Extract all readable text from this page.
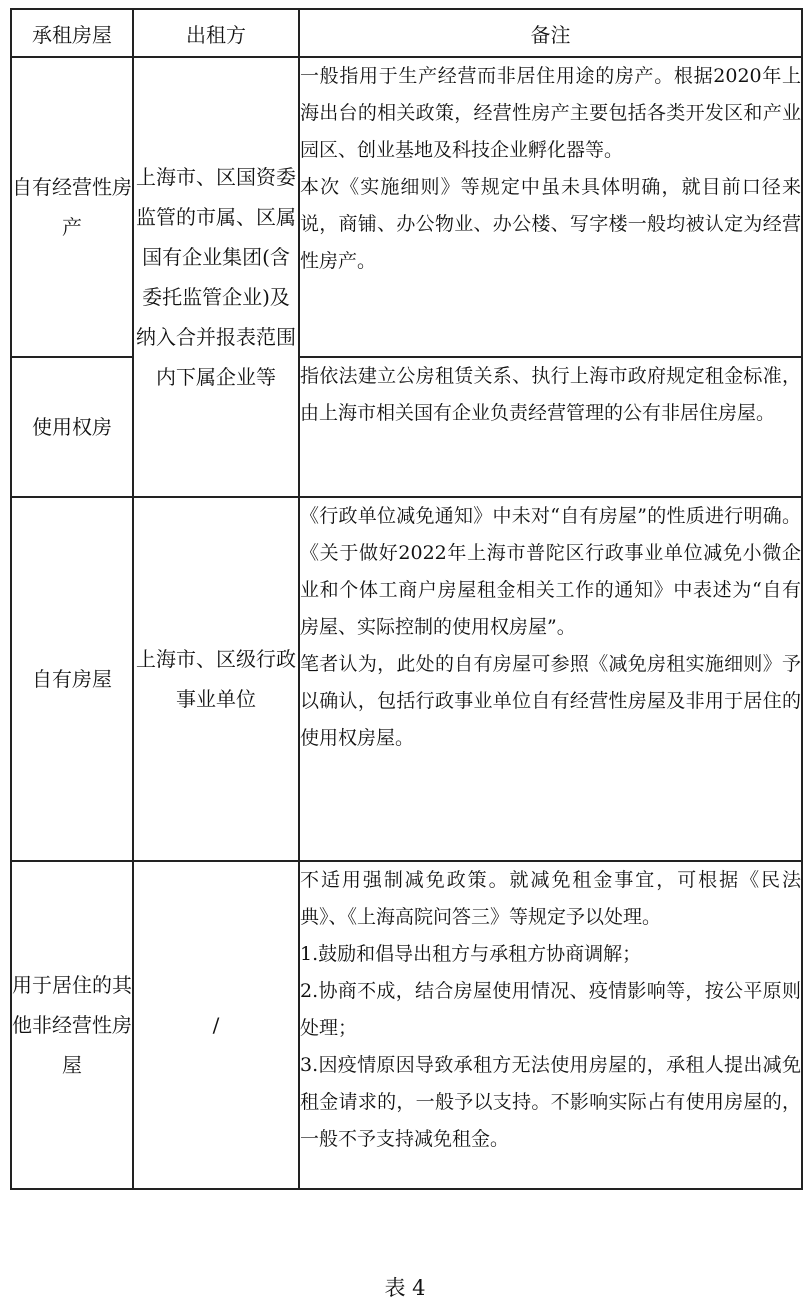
承租房屋	出租方	备注
自有经营性房产	上海市、区国资委监管的市属、区属国有企业集团(含委托监管企业)及纳入合并报表范围内下属企业等	一般指用于生产经营而非居住用途的房产。根据2020年上海出台的相关政策，经营性房产主要包括各类开发区和产业园区、创业基地及科技企业孵化器等。

本次《实施细则》等规定中虽未具体明确，就目前口径来说，商铺、办公物业、办公楼、写字楼一般均被认定为经营性房产。

使用权房		指依法建立公房租赁关系、执行上海市政府规定租金标准，由上海市相关国有企业负责经营管理的公有非居住房屋。

自有房屋	上海市、区级行政事业单位	《行政单位减免通知》中未对“自有房屋”的性质进行明确。《关于做好2022年上海市普陀区行政事业单位减免小微企业和个体工商户房屋租金相关工作的通知》中表述为“自有房屋、实际控制的使用权房屋”。

笔者认为，此处的自有房屋可参照《减免房租实施细则》予以确认，包括行政事业单位自有经营性房屋及非用于居住的使用权房屋。

用于居住的其他非经营性房屋	/	不适用强制减免政策。就减免租金事宜，可根据《民法典》、《上海高院问答三》等规定予以处理。

1.鼓励和倡导出租方与承租方协商调解；

2.协商不成，结合房屋使用情况、疫情影响等，按公平原则处理；

3.因疫情原因导致承租方无法使用房屋的，承租人提出减免租金请求的，一般予以支持。不影响实际占有使用房屋的，一般不予支持减免租金。

表 4
